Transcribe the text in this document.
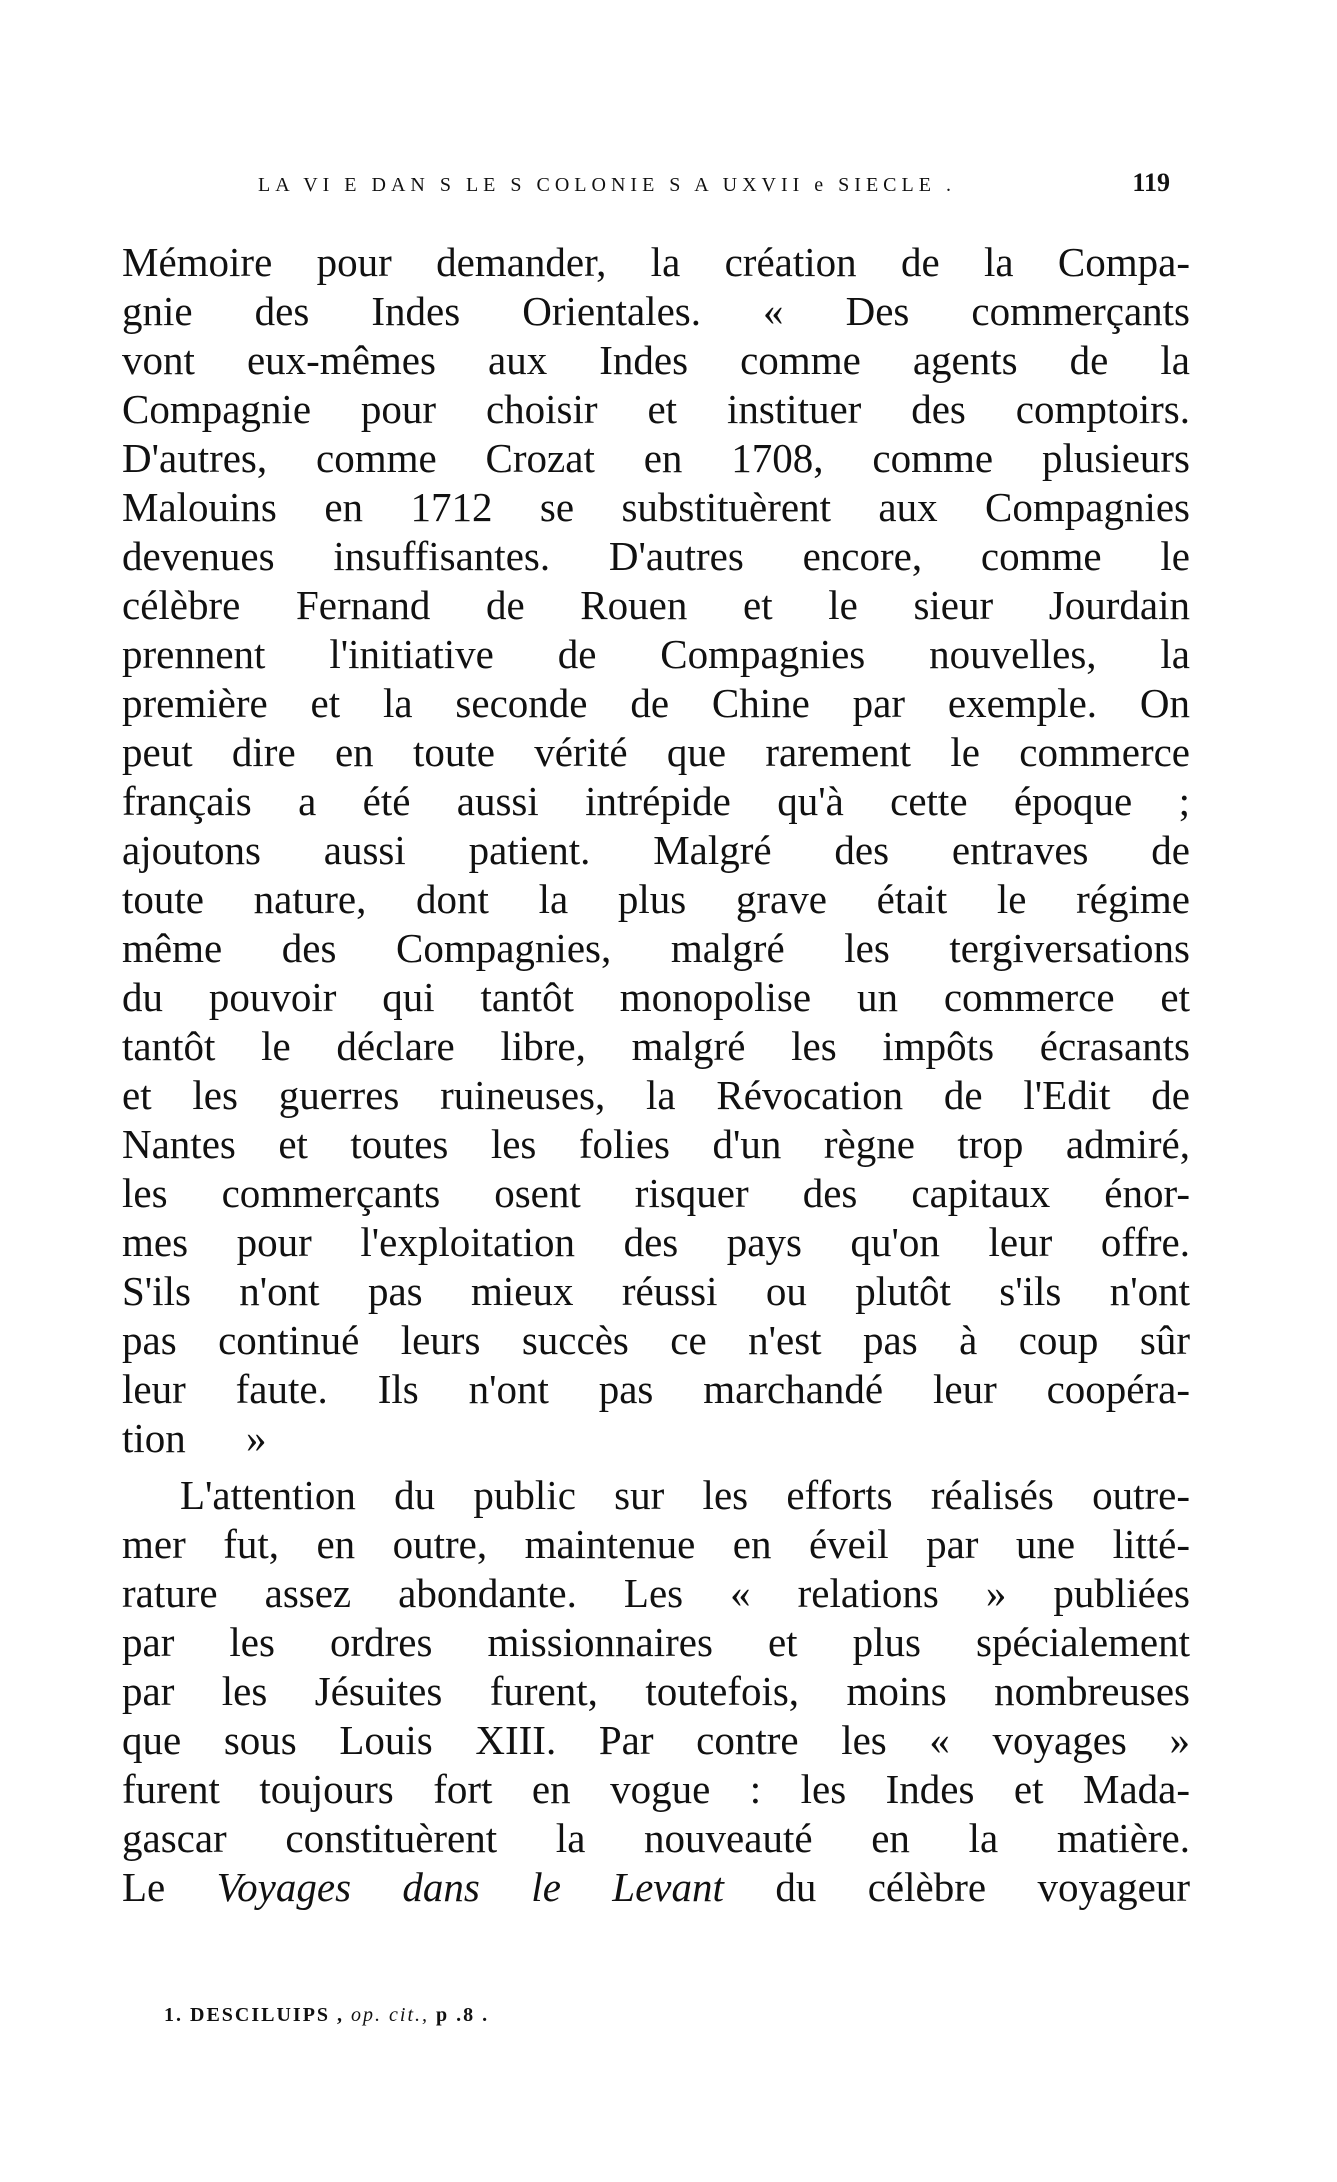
LA VI E DAN S LE S COLONIE S A UXVII e SIECLE .	119
Mémoire pour demander, la création de la Compa-
gnie des Indes Orientales. « Des commerçants
vont eux-mêmes aux Indes comme agents de la
Compagnie pour choisir et instituer des comptoirs.
D'autres, comme Crozat en 1708, comme plusieurs
Malouins en 1712 se substituèrent aux Compagnies
devenues insuffisantes. D'autres encore, comme le
célèbre Fernand de Rouen et le sieur Jourdain
prennent l'initiative de Compagnies nouvelles, la
première et la seconde de Chine par exemple. On
peut dire en toute vérité que rarement le commerce
français a été aussi intrépide qu'à cette époque ;
ajoutons aussi patient. Malgré des entraves de
toute nature, dont la plus grave était le régime
même des Compagnies, malgré les tergiversations
du pouvoir qui tantôt monopolise un commerce et
tantôt le déclare libre, malgré les impôts écrasants
et les guerres ruineuses, la Révocation de l'Edit de
Nantes et toutes les folies d'un règne trop admiré,
les commerçants osent risquer des capitaux énor-
mes pour l'exploitation des pays qu'on leur offre.
S'ils n'ont pas mieux réussi ou plutôt s'ils n'ont
pas continué leurs succès ce n'est pas à coup sûr
leur faute. Ils n'ont pas marchandé leur coopéra-
tion »
L'attention du public sur les efforts réalisés outre-
mer fut, en outre, maintenue en éveil par une litté-
rature assez abondante. Les « relations » publiées
par les ordres missionnaires et plus spécialement
par les Jésuites furent, toutefois, moins nombreuses
que sous Louis XIII. Par contre les « voyages »
furent toujours fort en vogue : les Indes et Mada-
gascar constituèrent la nouveauté en la matière.
Le Voyages dans le Levant du célèbre voyageur
1. DESCILUIPS , op. cit., p .8 .
